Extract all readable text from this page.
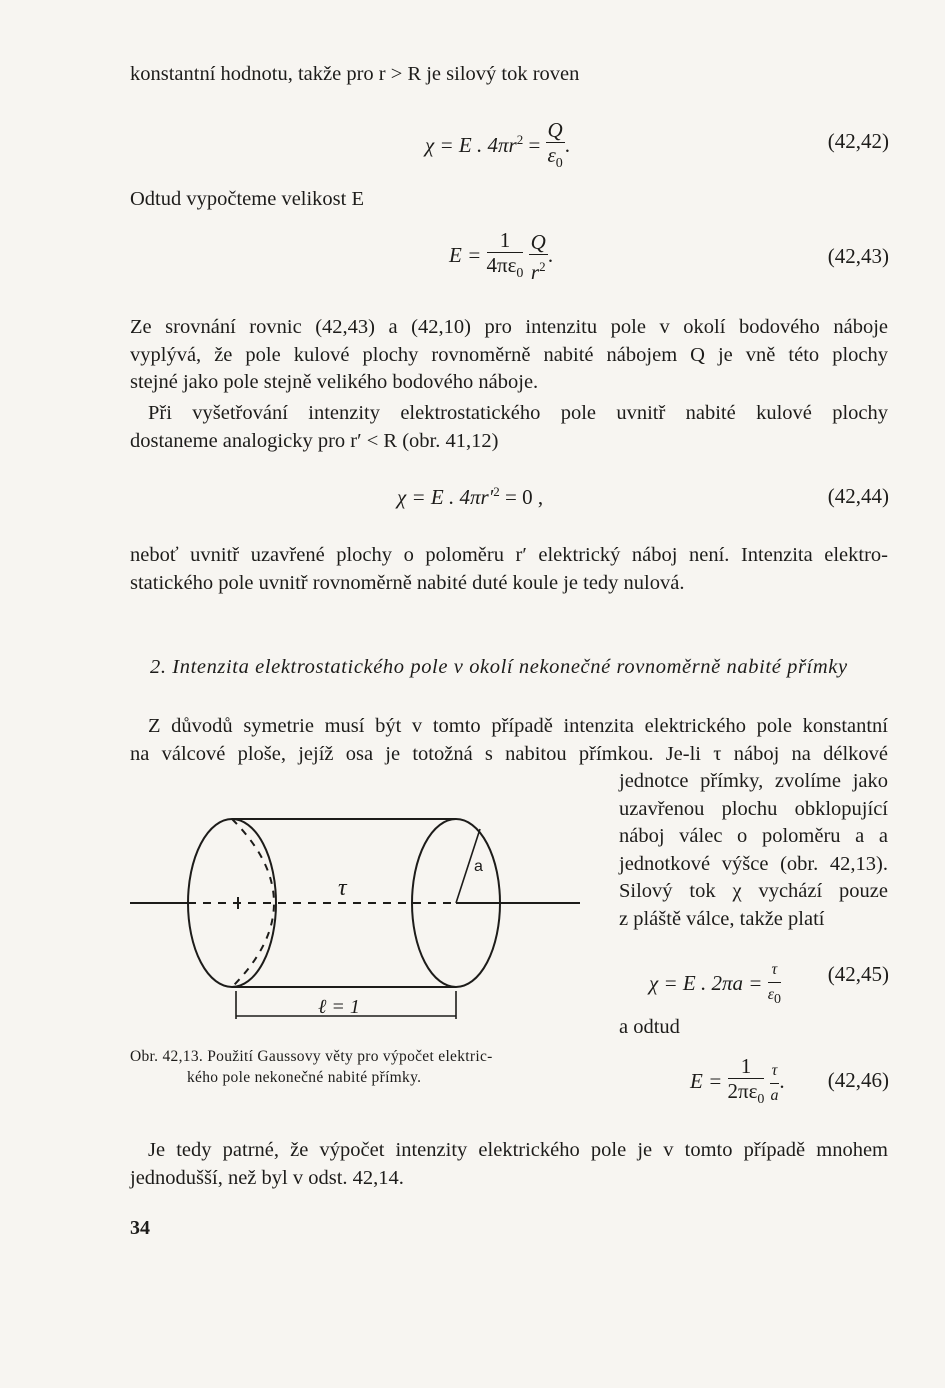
konstantní hodnotu, takže pro r > R je silový tok roven
χ = E . $4\pi r^2 = \frac{Q}{\varepsilon_0}$ .	(42,42)
Odtud vypočteme velikost E
$E = \frac{1}{4\pi\varepsilon_0}$
$\frac{Q}{r^2}$ .	(42,43)
Ze srovnání rovnic (42,43) a (42,10) pro intenzitu pole v okolí bodového náboje
vyplývá, že pole kulové plochy rovnoměrně nabité nábojem Q je vně této plochy
stejné jako pole stejně velikého bodového náboje.
Při vyšetřování intenzity elektrostatického pole uvnitř nabité kulové plochy
dostaneme analogicky pro r′ < R (obr. 41,12)
χ = E . $4\pi r'^2 = 0$ ,	(42,44)
neboť uvnitř uzavřené plochy o poloměru r′ elektrický náboj není. Intenzita elektro-
statického pole uvnitř rovnoměrně nabité duté koule je tedy nulová.
2. Intenzita elektrostatického pole v okolí nekonečné rovnoměrně nabité přímky
Z důvodů symetrie musí být v tomto případě intenzita elektrického pole konstantní
na válcové ploše, jejíž osa je totožná s nabitou přímkou. Je-li τ náboj na délkové
jednotce přímky, zvolíme jako
uzavřenou plochu obklopující
náboj válec o poloměru a a
jednotkové výšce (obr. 42,13).
Silový tok χ vychází pouze
z pláště válce, takže platí
τ
a
ℓ = 1
Obr. 42,13. Použití Gaussovy věty pro výpočet elektric-
kého pole nekonečné nabité přímky.
χ = E . $2\pi a = \frac{\tau}{\varepsilon_0} (42,45)$
a odtud
$E = \frac{1}{2\pi\varepsilon_0}$
$\frac{\tau}{a}$ . (42,46)
Je tedy patrné, že výpočet intenzity elektrického pole je v tomto případě mnohem
jednodušší, než byl v odst. 42,14.
34
